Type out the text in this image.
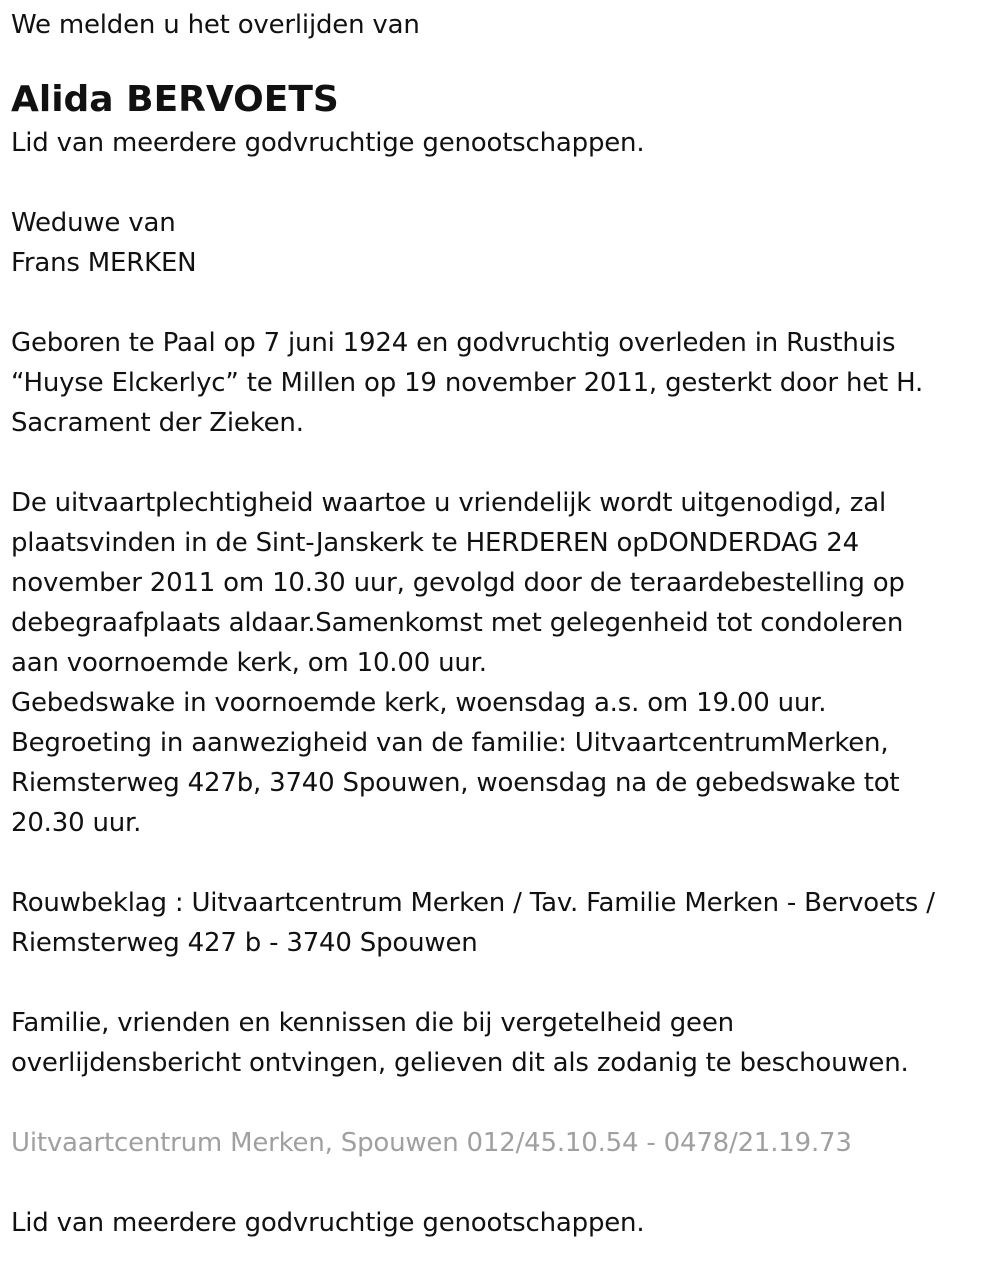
We melden u het overlijden van
Alida BERVOETS
Lid van meerdere godvruchtige genootschappen.
Weduwe van
Frans MERKEN
Geboren te Paal op 7 juni 1924 en godvruchtig overleden in Rusthuis
“Huyse Elckerlyc” te Millen op 19 november 2011, gesterkt door het H.
Sacrament der Zieken.
De uitvaartplechtigheid waartoe u vriendelijk wordt uitgenodigd, zal
plaatsvinden in de Sint-Janskerk te HERDEREN opDONDERDAG 24
november 2011 om 10.30 uur, gevolgd door de teraardebestelling op
debegraafplaats aldaar.Samenkomst met gelegenheid tot condoleren
aan voornoemde kerk, om 10.00 uur.
Gebedswake in voornoemde kerk, woensdag a.s. om 19.00 uur.
Begroeting in aanwezigheid van de familie: UitvaartcentrumMerken,
Riemsterweg 427b, 3740 Spouwen, woensdag na de gebedswake tot
20.30 uur.
Rouwbeklag : Uitvaartcentrum Merken / Tav. Familie Merken - Bervoets /
Riemsterweg 427 b - 3740 Spouwen
Familie, vrienden en kennissen die bij vergetelheid geen
overlijdensbericht ontvingen, gelieven dit als zodanig te beschouwen.
Uitvaartcentrum Merken, Spouwen 012/45.10.54 - 0478/21.19.73
Lid van meerdere godvruchtige genootschappen.
